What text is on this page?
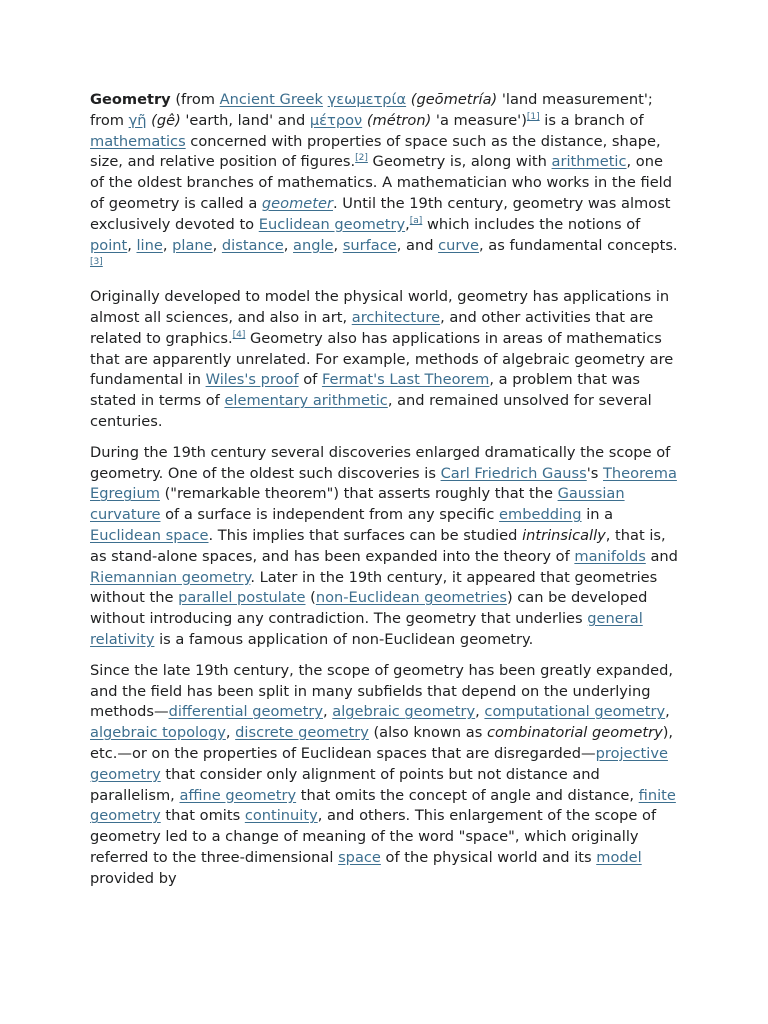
Geometry (from Ancient Greek γεωμετρία (geōmetría) 'land measurement'; from γῆ (gê) 'earth, land' and μέτρον (métron) 'a measure')[1] is a branch of mathematics concerned with properties of space such as the distance, shape, size, and relative position of figures.[2] Geometry is, along with arithmetic, one of the oldest branches of mathematics. A mathematician who works in the field of geometry is called a geometer. Until the 19th century, geometry was almost exclusively devoted to Euclidean geometry,[a] which includes the notions of point, line, plane, distance, angle, surface, and curve, as fundamental concepts.[3]

Originally developed to model the physical world, geometry has applications in almost all sciences, and also in art, architecture, and other activities that are related to graphics.[4] Geometry also has applications in areas of mathematics that are apparently unrelated. For example, methods of algebraic geometry are fundamental in Wiles's proof of Fermat's Last Theorem, a problem that was stated in terms of elementary arithmetic, and remained unsolved for several centuries.

During the 19th century several discoveries enlarged dramatically the scope of geometry. One of the oldest such discoveries is Carl Friedrich Gauss's Theorema Egregium ("remarkable theorem") that asserts roughly that the Gaussian curvature of a surface is independent from any specific embedding in a Euclidean space. This implies that surfaces can be studied intrinsically, that is, as stand-alone spaces, and has been expanded into the theory of manifolds and Riemannian geometry. Later in the 19th century, it appeared that geometries without the parallel postulate (non-Euclidean geometries) can be developed without introducing any contradiction. The geometry that underlies general relativity is a famous application of non-Euclidean geometry.

Since the late 19th century, the scope of geometry has been greatly expanded, and the field has been split in many subfields that depend on the underlying methods—differential geometry, algebraic geometry, computational geometry, algebraic topology, discrete geometry (also known as combinatorial geometry), etc.—or on the properties of Euclidean spaces that are disregarded—projective geometry that consider only alignment of points but not distance and parallelism, affine geometry that omits the concept of angle and distance, finite geometry that omits continuity, and others. This enlargement of the scope of geometry led to a change of meaning of the word "space", which originally referred to the three-dimensional space of the physical world and its model provided by
